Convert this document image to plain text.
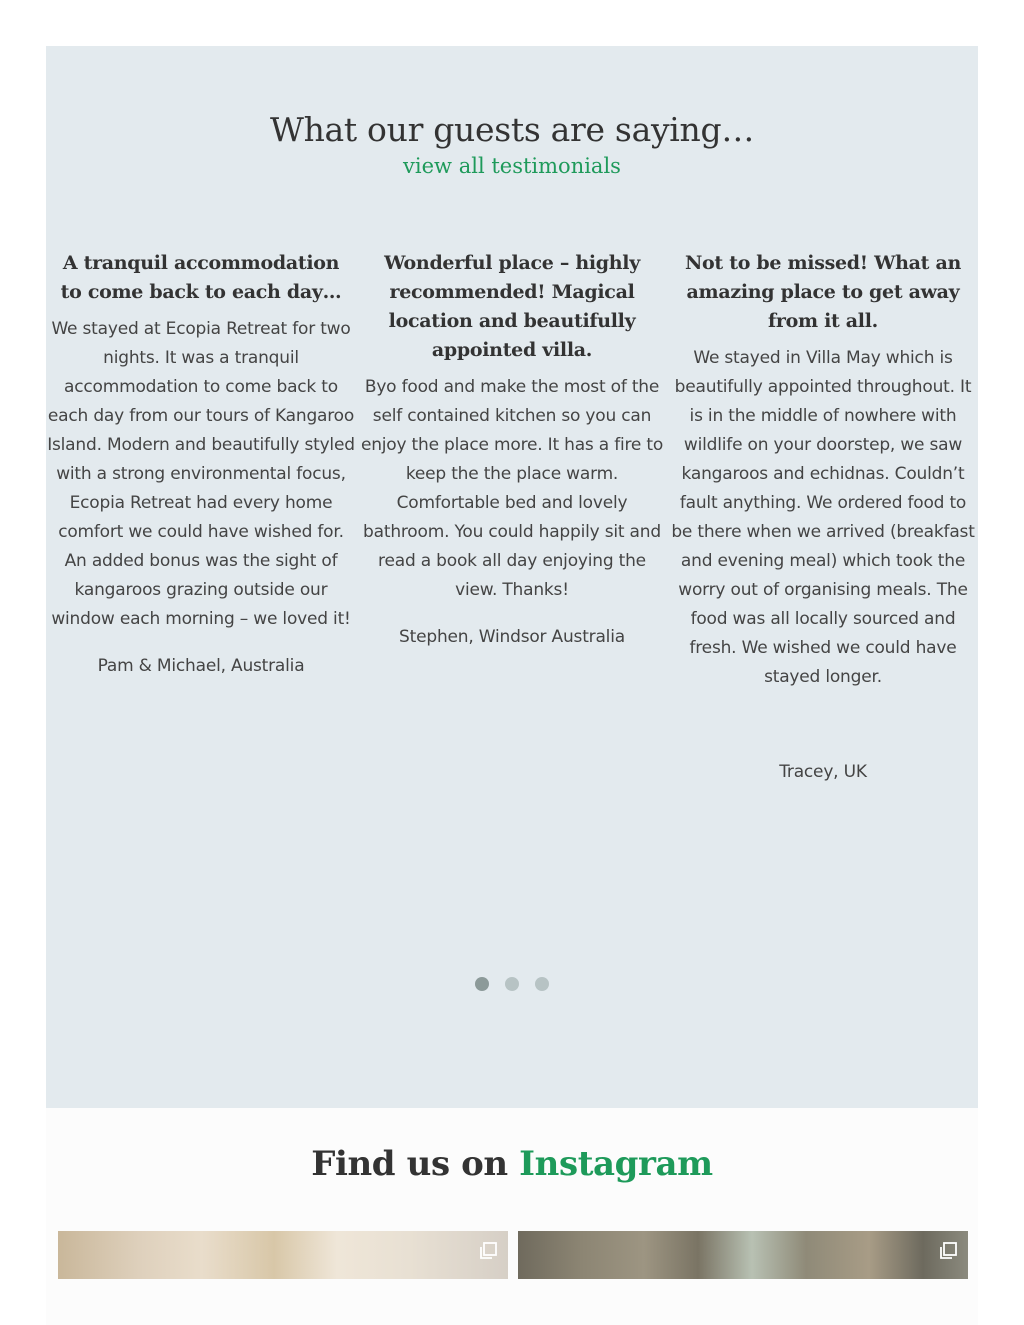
What our guests are saying…
view all testimonials
A tranquil accommodation to come back to each day…

We stayed at Ecopia Retreat for two nights. It was a tranquil accommodation to come back to each day from our tours of Kangaroo Island. Modern and beautifully styled with a strong environmental focus, Ecopia Retreat had every home comfort we could have wished for. An added bonus was the sight of kangaroos grazing outside our window each morning – we loved it!

Pam & Michael, Australia

Wonderful place – highly recommended! Magical location and beautifully appointed villa.

Byo food and make the most of the self contained kitchen so you can enjoy the place more. It has a fire to keep the the place warm. Comfortable bed and lovely bathroom. You could happily sit and read a book all day enjoying the view. Thanks!

Stephen, Windsor Australia

Not to be missed! What an amazing place to get away from it all.

We stayed in Villa May which is beautifully appointed throughout. It is in the middle of nowhere with wildlife on your doorstep, we saw kangaroos and echidnas. Couldn’t fault anything. We ordered food to be there when we arrived (breakfast and evening meal) which took the worry out of organising meals. The food was all locally sourced and fresh. We wished we could have stayed longer.

Tracey, UK

Find us on Instagram
